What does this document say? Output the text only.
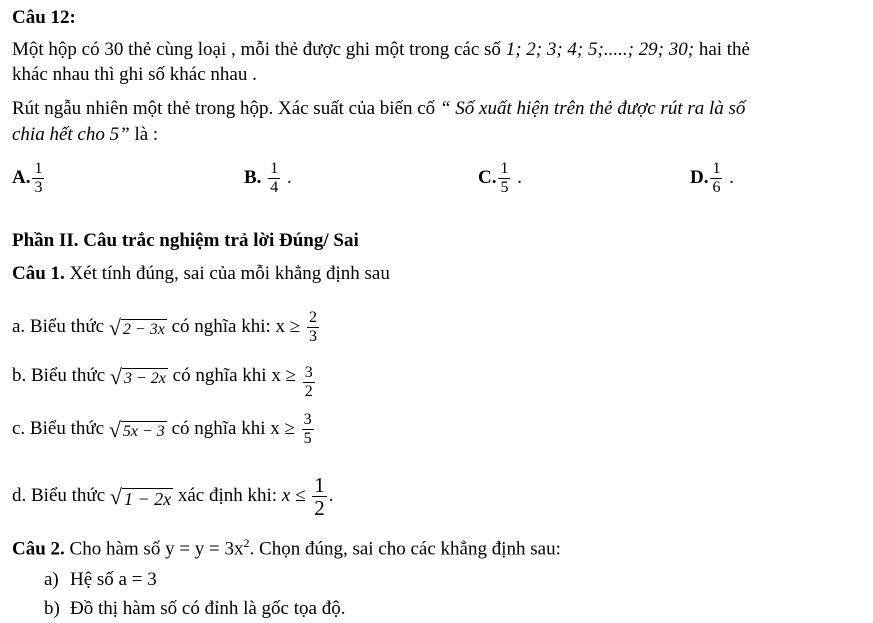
Câu 12:
Một hộp có 30 thẻ cùng loại , mỗi thẻ được ghi một trong các số 1; 2; 3; 4; 5;.....; 29; 30; hai thẻ
khác nhau thì ghi số khác nhau .
Rút ngẫu nhiên một thẻ trong hộp. Xác suất của biến cố “ Số xuất hiện trên thẻ được rút ra là số
chia hết cho 5” là :
A. $\frac{1}{3}$	B. $\frac{1}{4}$ .	C. $\frac{1}{5}$ .	D. $\frac{1}{6}$ .
Phần II. Câu trắc nghiệm trả lời Đúng/ Sai
Câu 1. Xét tính đúng, sai của mỗi khẳng định sau
a. Biểu thức √ 2 − 3x có nghĩa khi: $x \ge \frac{2}{3}$
b. Biểu thức √ 3 − 2x có nghĩa khi $x \ge \frac{3}{2}$
c. Biểu thức √ 5x − 3 có nghĩa khi $x \ge \frac{3}{5}$
d. Biểu thức √ 1 − 2x xác định khi: $x \le \frac{1}{2}$ .
Câu 2. Cho hàm số $y = y = 3x^2$. Chọn đúng, sai cho các khẳng định sau:
a) Hệ số a = 3
b) Đồ thị hàm số có đỉnh là gốc tọa độ.
